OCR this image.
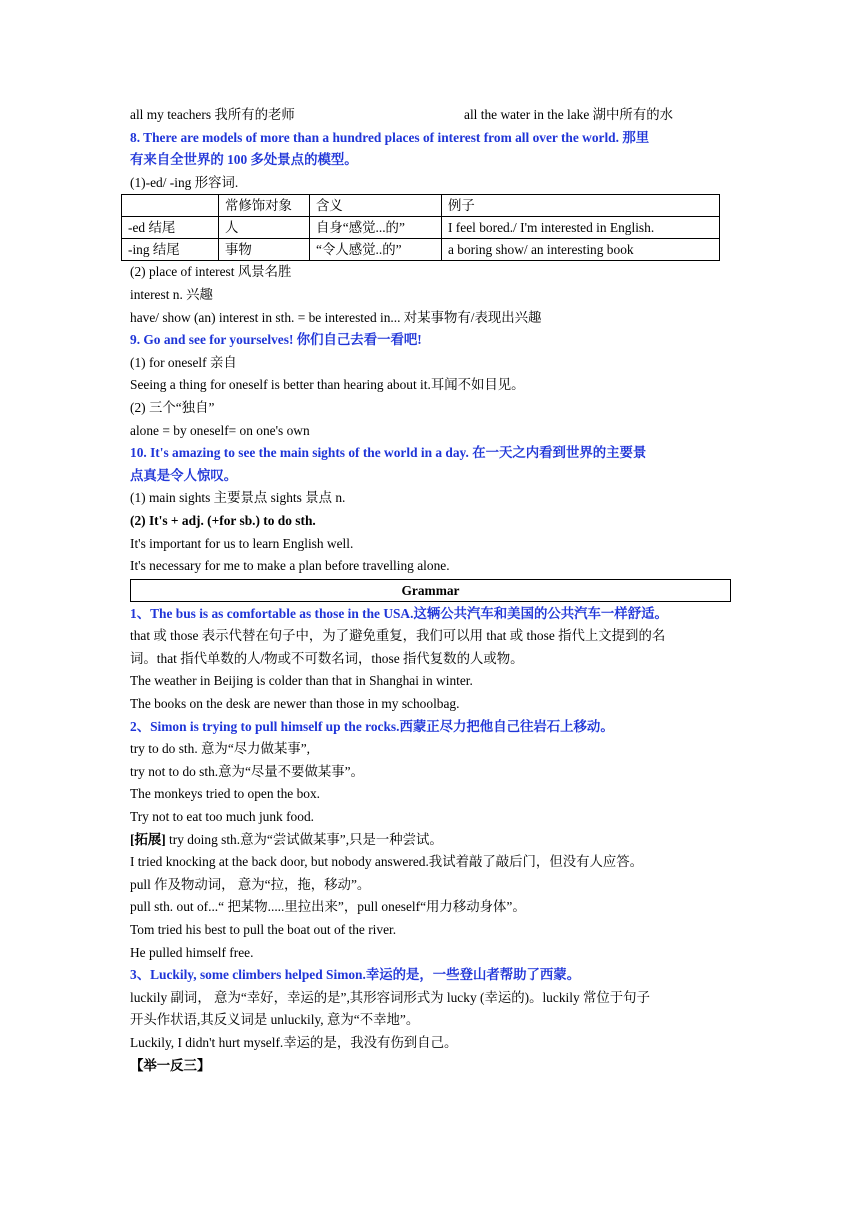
all my teachers 我所有的老师	all the water in the lake 湖中所有的水
8. There are models of more than a hundred places of interest from all over the world. 那里
有来自全世界的 100 多处景点的模型。
(1)-ed/ -ing 形容词.
	常修饰对象	含义	例子
-ed 结尾	人	自身“感觉...的”	I feel bored./ I'm interested in English.
-ing 结尾	事物	“令人感觉..的”	a boring show/ an interesting book
(2) place of interest 风景名胜
interest n. 兴趣
have/ show (an) interest in sth. = be interested in... 对某事物有/表现出兴趣
9. Go and see for yourselves! 你们自己去看一看吧!
(1) for oneself 亲自
Seeing a thing for oneself is better than hearing about it.耳闻不如目见。
(2) 三个“独自”
alone = by oneself= on one's own
10. It's amazing to see the main sights of the world in a day. 在一天之内看到世界的主要景
点真是令人惊叹。
(1) main sights 主要景点 sights 景点 n.
(2) It's + adj. (+for sb.) to do sth.
It's important for us to learn English well.
It's necessary for me to make a plan before travelling alone.
Grammar
1、The bus is as comfortable as those in the USA.这辆公共汽车和美国的公共汽车一样舒适。
that 或 those 表示代替在句子中，为了避免重复，我们可以用 that 或 those 指代上文提到的名
词。that 指代单数的人/物或不可数名词，those 指代复数的人或物。
The weather in Beijing is colder than that in Shanghai in winter.
The books on the desk are newer than those in my schoolbag.
2、Simon is trying to pull himself up the rocks.西蒙正尽力把他自己往岩石上移动。
try to do sth. 意为“尽力做某事”,
try not to do sth.意为“尽量不要做某事”。
The monkeys tried to open the box.
Try not to eat too much junk food.
[拓展] try doing sth.意为“尝试做某事”,只是一种尝试。
I tried knocking at the back door, but nobody answered.我试着敲了敲后门，但没有人应答。
pull 作及物动词， 意为“拉，拖，移动”。
pull sth. out of...“ 把某物.....里拉出来”，pull oneself“用力移动身体”。
Tom tried his best to pull the boat out of the river.
He pulled himself free.
3、Luckily, some climbers helped Simon.幸运的是，一些登山者帮助了西蒙。
luckily 副词， 意为“幸好，幸运的是”,其形容词形式为 lucky (幸运的)。luckily 常位于句子
开头作状语,其反义词是 unluckily, 意为“不幸地”。
Luckily, I didn't hurt myself.幸运的是，我没有伤到自己。
【举一反三】
